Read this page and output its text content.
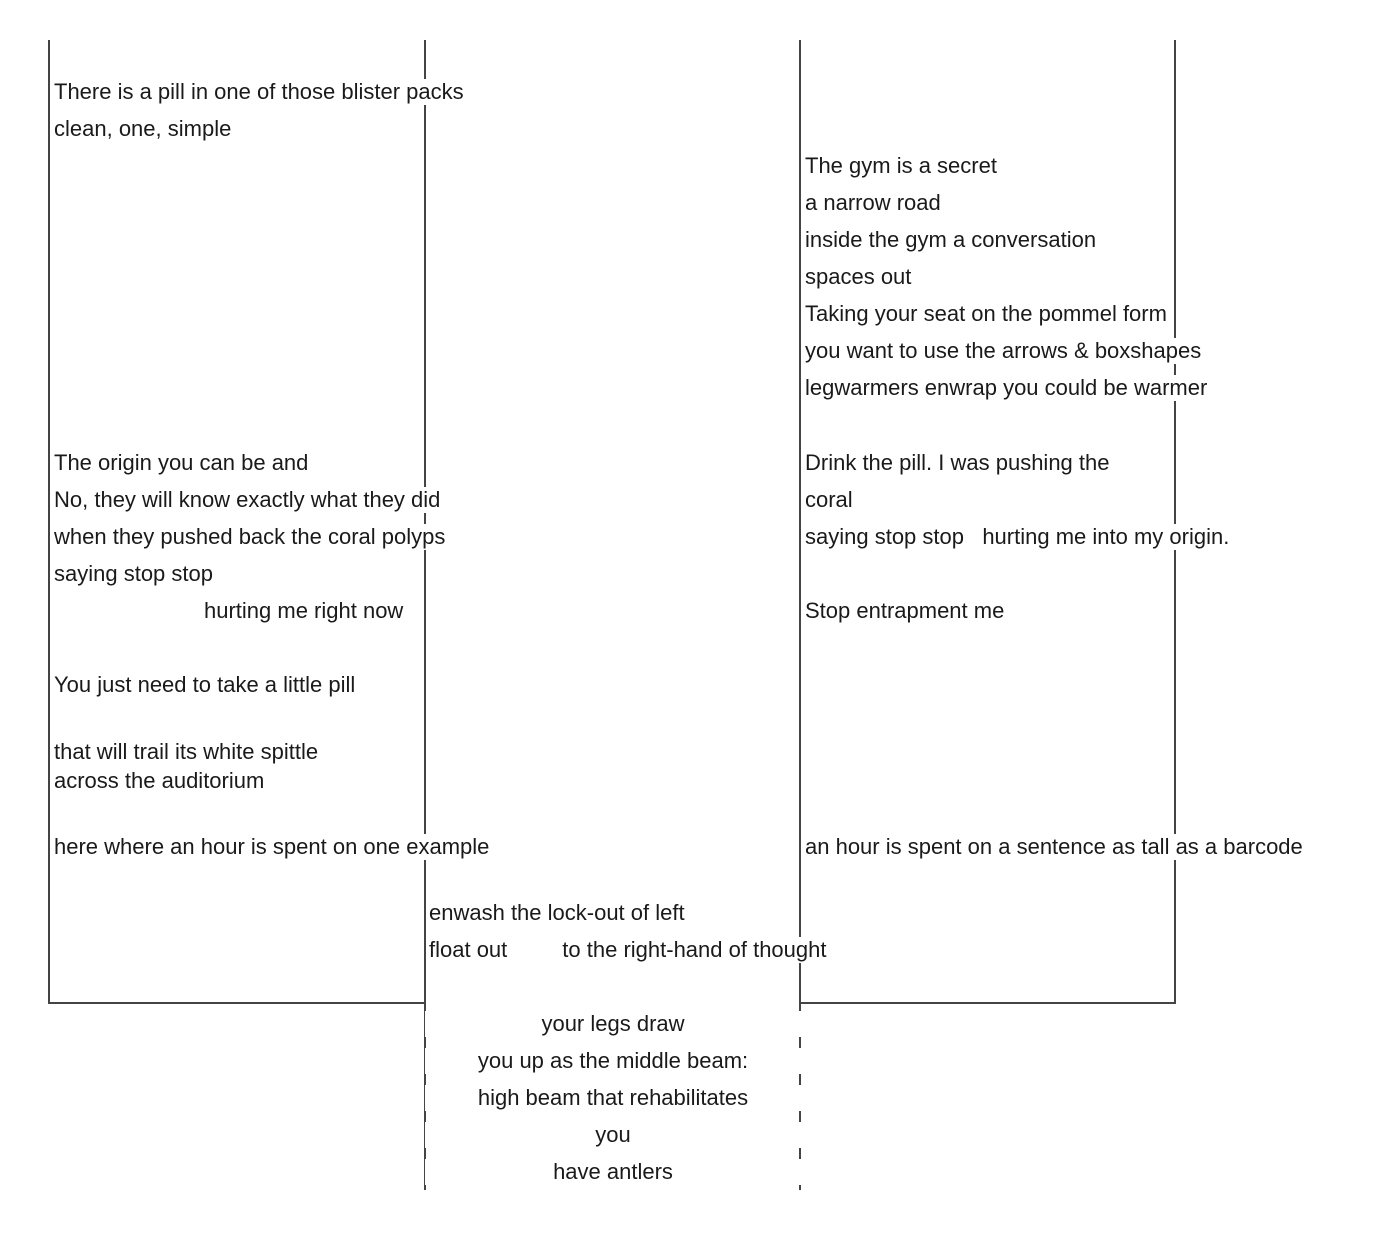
There is a pill in one of those blister packs
clean, one, simple
The origin you can be and
No, they will know exactly what they did
when they pushed back the coral polyps
saying stop stop
hurting me right now
You just need to take a little pill
that will trail its white spittle
across the auditorium
here where an hour is spent on one example
The gym is a secret
a narrow road
inside the gym a conversation
spaces out
Taking your seat on the pommel form
you want to use the arrows & boxshapes
legwarmers enwrap you could be warmer
Drink the pill. I was pushing the
coral
saying stop stop   hurting me into my origin.
Stop entrapment me
an hour is spent on a sentence as tall as a barcode
enwash the lock-out of left
float out         to the right-hand of thought
your legs draw
you up as the middle beam:
high beam that rehabilitates
you
have antlers
